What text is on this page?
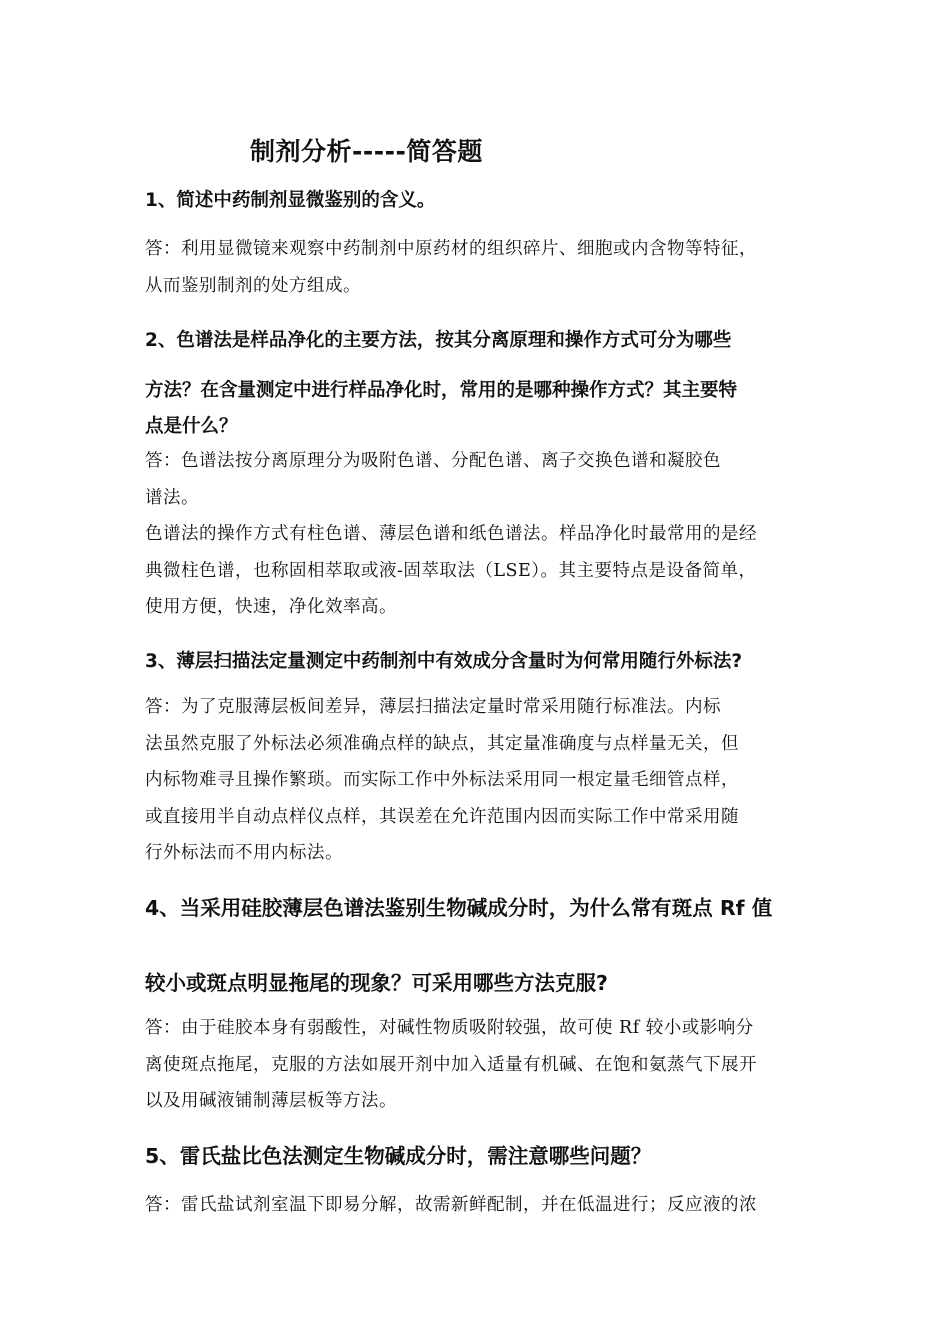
制剂分析-----简答题
1、简述中药制剂显微鉴别的含义。
答：利用显微镜来观察中药制剂中原药材的组织碎片、细胞或内含物等特征，
从而鉴别制剂的处方组成。
2、色谱法是样品净化的主要方法，按其分离原理和操作方式可分为哪些
方法？在含量测定中进行样品净化时，常用的是哪种操作方式？其主要特
点是什么？
答：色谱法按分离原理分为吸附色谱、分配色谱、离子交换色谱和凝胶色
谱法。
色谱法的操作方式有柱色谱、薄层色谱和纸色谱法。样品净化时最常用的是经
典微柱色谱，也称固相萃取或液-固萃取法（LSE）。其主要特点是设备简单，
使用方便，快速，净化效率高。
3、薄层扫描法定量测定中药制剂中有效成分含量时为何常用随行外标法?
答：为了克服薄层板间差异，薄层扫描法定量时常采用随行标准法。内标
法虽然克服了外标法必须准确点样的缺点，其定量准确度与点样量无关，但
内标物难寻且操作繁琐。而实际工作中外标法采用同一根定量毛细管点样，
或直接用半自动点样仪点样，其误差在允许范围内因而实际工作中常采用随
行外标法而不用内标法。
4、当采用硅胶薄层色谱法鉴别生物碱成分时，为什么常有斑点 Rf 值
较小或斑点明显拖尾的现象？可采用哪些方法克服?
答：由于硅胶本身有弱酸性，对碱性物质吸附较强，故可使 Rf 较小或影响分
离使斑点拖尾，克服的方法如展开剂中加入适量有机碱、在饱和氨蒸气下展开
以及用碱液铺制薄层板等方法。
5、雷氏盐比色法测定生物碱成分时，需注意哪些问题？
答：雷氏盐试剂室温下即易分解，故需新鲜配制，并在低温进行；反应液的浓
